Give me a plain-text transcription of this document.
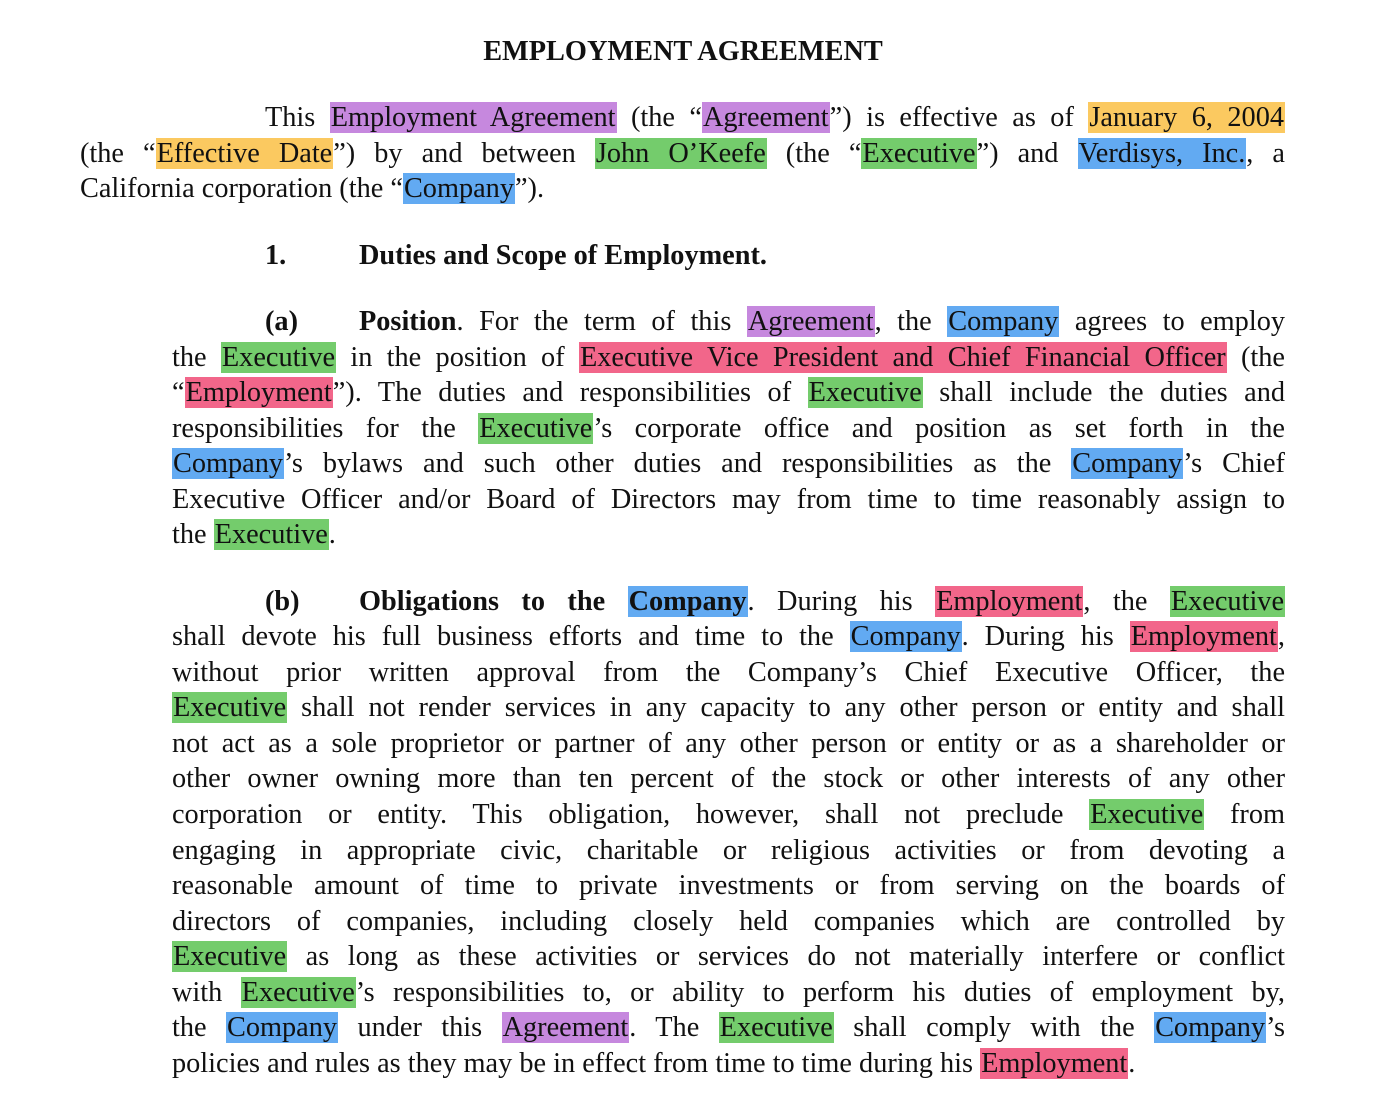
EMPLOYMENT AGREEMENT
This Employment Agreement (the “Agreement”) is effective as of January 6, 2004
(the “Effective Date”) by and between John O’Keefe (the “Executive”) and Verdisys, Inc., a
California corporation (the “Company”).
1.	Duties and Scope of Employment.
(a) Position. For the term of this Agreement, the Company agrees to employ
the Executive in the position of Executive Vice President and Chief Financial Officer (the
“Employment”). The duties and responsibilities of Executive shall include the duties and
responsibilities for the Executive’s corporate office and position as set forth in the
Company’s bylaws and such other duties and responsibilities as the Company’s Chief
Executive Officer and/or Board of Directors may from time to time reasonably assign to
the Executive.
(b) Obligations to the Company. During his Employment, the Executive
shall devote his full business efforts and time to the Company. During his Employment,
without prior written approval from the Company’s Chief Executive Officer, the
Executive shall not render services in any capacity to any other person or entity and shall
not act as a sole proprietor or partner of any other person or entity or as a shareholder or
other owner owning more than ten percent of the stock or other interests of any other
corporation or entity. This obligation, however, shall not preclude Executive from
engaging in appropriate civic, charitable or religious activities or from devoting a
reasonable amount of time to private investments or from serving on the boards of
directors of companies, including closely held companies which are controlled by
Executive as long as these activities or services do not materially interfere or conflict
with Executive’s responsibilities to, or ability to perform his duties of employment by,
the Company under this Agreement. The Executive shall comply with the Company’s
policies and rules as they may be in effect from time to time during his Employment.
